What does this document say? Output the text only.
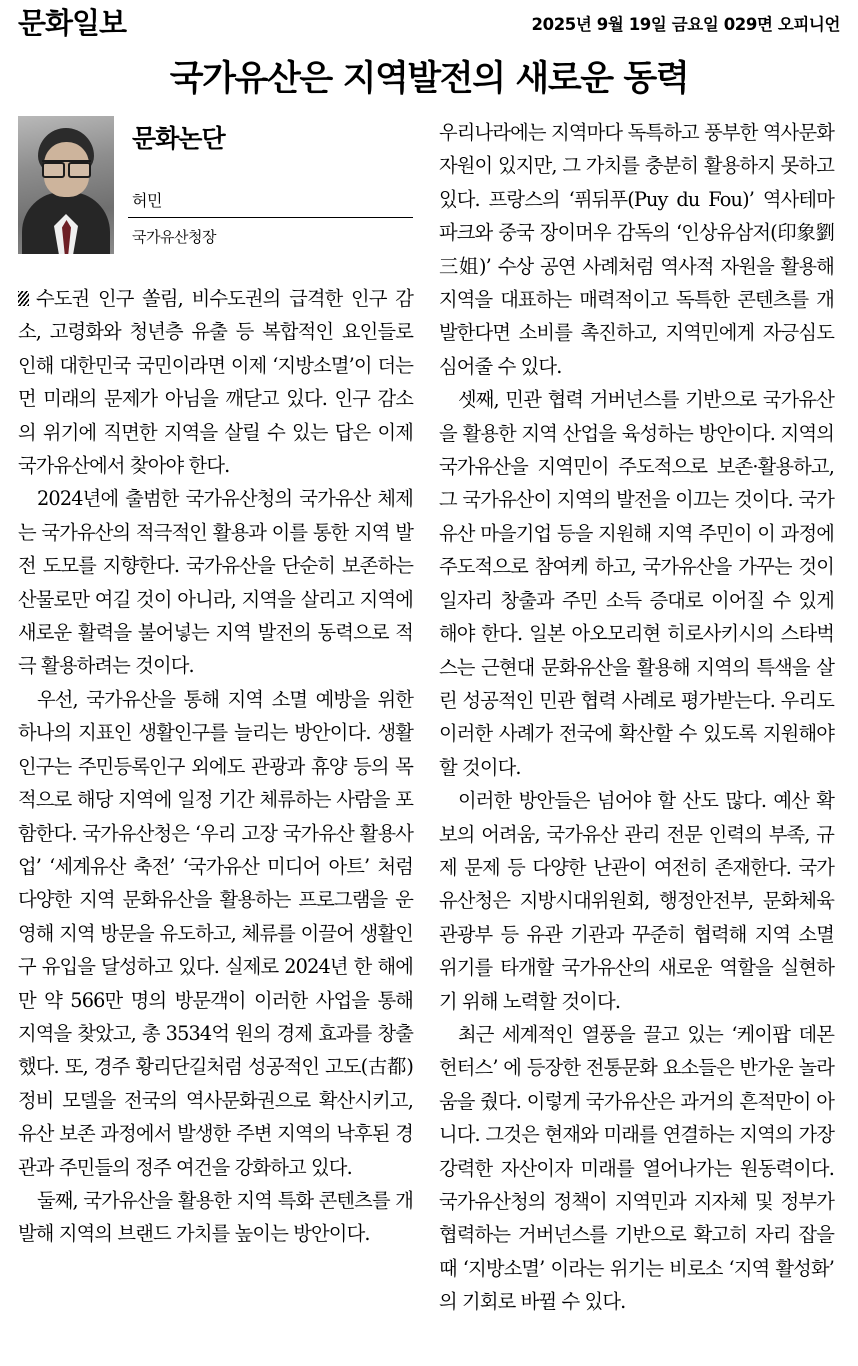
문화일보	2025년 9월 19일 금요일 029면 오피니언
국가유산은 지역발전의 새로운 동력
문화논단
허민
국가유산청장

수도권 인구 쏠림, 비수도권의 급격한 인구 감소, 고령화와 청년층 유출 등 복합적인 요인들로 인해 대한민국 국민이라면 이제 ‘지방소멸’이 더는 먼 미래의 문제가 아님을 깨닫고 있다. 인구 감소의 위기에 직면한 지역을 살릴 수 있는 답은 이제 국가유산에서 찾아야 한다.

2024년에 출범한 국가유산청의 국가유산 체제는 국가유산의 적극적인 활용과 이를 통한 지역 발전 도모를 지향한다. 국가유산을 단순히 보존하는 산물로만 여길 것이 아니라, 지역을 살리고 지역에 새로운 활력을 불어넣는 지역 발전의 동력으로 적극 활용하려는 것이다.

우선, 국가유산을 통해 지역 소멸 예방을 위한 하나의 지표인 생활인구를 늘리는 방안이다. 생활인구는 주민등록인구 외에도 관광과 휴양 등의 목적으로 해당 지역에 일정 기간 체류하는 사람을 포함한다. 국가유산청은 ‘우리 고장 국가유산 활용사업’ ‘세계유산 축전’ ‘국가유산 미디어 아트’ 처럼 다양한 지역 문화유산을 활용하는 프로그램을 운영해 지역 방문을 유도하고, 체류를 이끌어 생활인구 유입을 달성하고 있다. 실제로 2024년 한 해에만 약 566만 명의 방문객이 이러한 사업을 통해 지역을 찾았고, 총 3534억 원의 경제 효과를 창출했다. 또, 경주 황리단길처럼 성공적인 고도(古都) 정비 모델을 전국의 역사문화권으로 확산시키고, 유산 보존 과정에서 발생한 주변 지역의 낙후된 경관과 주민들의 정주 여건을 강화하고 있다.

둘째, 국가유산을 활용한 지역 특화 콘텐츠를 개발해 지역의 브랜드 가치를 높이는 방안이다.

우리나라에는 지역마다 독특하고 풍부한 역사문화 자원이 있지만, 그 가치를 충분히 활용하지 못하고 있다. 프랑스의 ‘퓌뒤푸(Puy du Fou)’ 역사테마파크와 중국 장이머우 감독의 ‘인상유삼저(印象劉三姐)’ 수상 공연 사례처럼 역사적 자원을 활용해 지역을 대표하는 매력적이고 독특한 콘텐츠를 개발한다면 소비를 촉진하고, 지역민에게 자긍심도 심어줄 수 있다.

셋째, 민관 협력 거버넌스를 기반으로 국가유산을 활용한 지역 산업을 육성하는 방안이다. 지역의 국가유산을 지역민이 주도적으로 보존·활용하고, 그 국가유산이 지역의 발전을 이끄는 것이다. 국가유산 마을기업 등을 지원해 지역 주민이 이 과정에 주도적으로 참여케 하고, 국가유산을 가꾸는 것이 일자리 창출과 주민 소득 증대로 이어질 수 있게 해야 한다. 일본 아오모리현 히로사키시의 스타벅스는 근현대 문화유산을 활용해 지역의 특색을 살린 성공적인 민관 협력 사례로 평가받는다. 우리도 이러한 사례가 전국에 확산할 수 있도록 지원해야 할 것이다.

이러한 방안들은 넘어야 할 산도 많다. 예산 확보의 어려움, 국가유산 관리 전문 인력의 부족, 규제 문제 등 다양한 난관이 여전히 존재한다. 국가유산청은 지방시대위원회, 행정안전부, 문화체육관광부 등 유관 기관과 꾸준히 협력해 지역 소멸 위기를 타개할 국가유산의 새로운 역할을 실현하기 위해 노력할 것이다.

최근 세계적인 열풍을 끌고 있는 ‘케이팝 데몬 헌터스’ 에 등장한 전통문화 요소들은 반가운 놀라움을 줬다. 이렇게 국가유산은 과거의 흔적만이 아니다. 그것은 현재와 미래를 연결하는 지역의 가장 강력한 자산이자 미래를 열어나가는 원동력이다. 국가유산청의 정책이 지역민과 지자체 및 정부가 협력하는 거버넌스를 기반으로 확고히 자리 잡을 때 ‘지방소멸’ 이라는 위기는 비로소 ‘지역 활성화’ 의 기회로 바뀔 수 있다.
